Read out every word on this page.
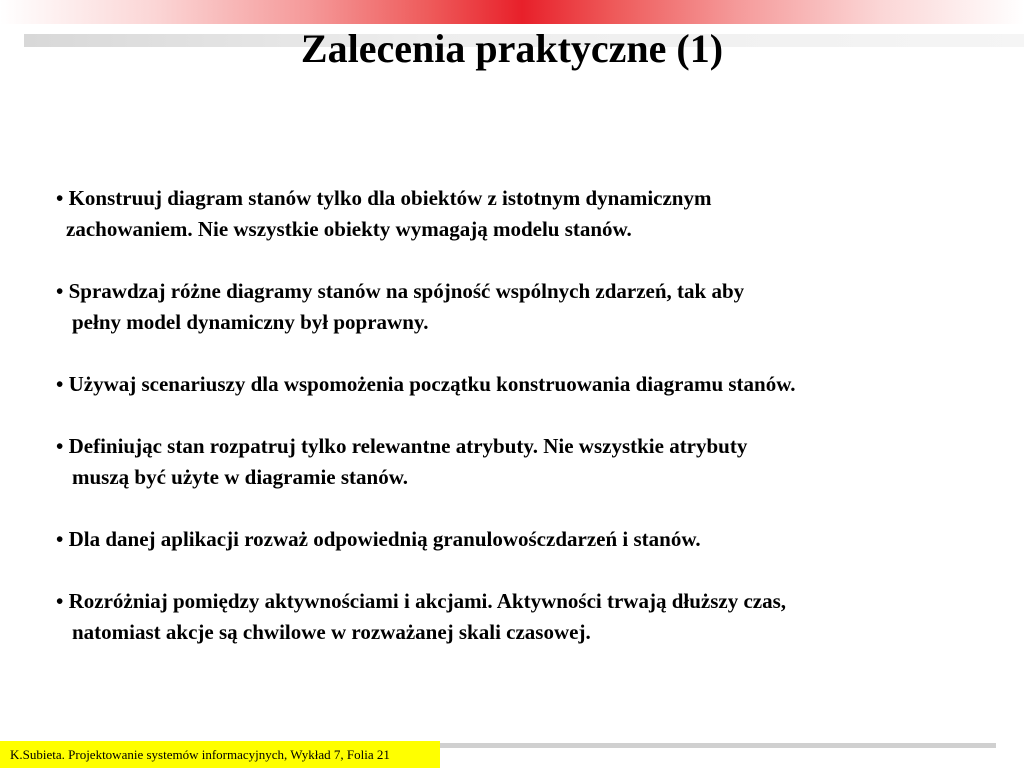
Zalecenia praktyczne (1)

• Konstruuj diagram stanów tylko dla obiektów z istotnym dynamicznym
zachowaniem. Nie wszystkie obiekty wymagają modelu stanów.

• Sprawdzaj różne diagramy stanów na spójność wspólnych zdarzeń, tak aby
pełny model dynamiczny był poprawny.

• Używaj scenariuszy dla wspomożenia początku konstruowania diagramu stanów.

• Definiując stan rozpatruj tylko relewantne atrybuty. Nie wszystkie atrybuty
muszą być użyte w diagramie stanów.

• Dla danej aplikacji rozważ odpowiednią granulowośczdarzeń i stanów.

• Rozróżniaj pomiędzy aktywnościami i akcjami. Aktywności trwają dłuższy czas,
natomiast akcje są chwilowe w rozważanej skali czasowej.

K.Subieta. Projektowanie systemów informacyjnych, Wykład 7, Folia 21
